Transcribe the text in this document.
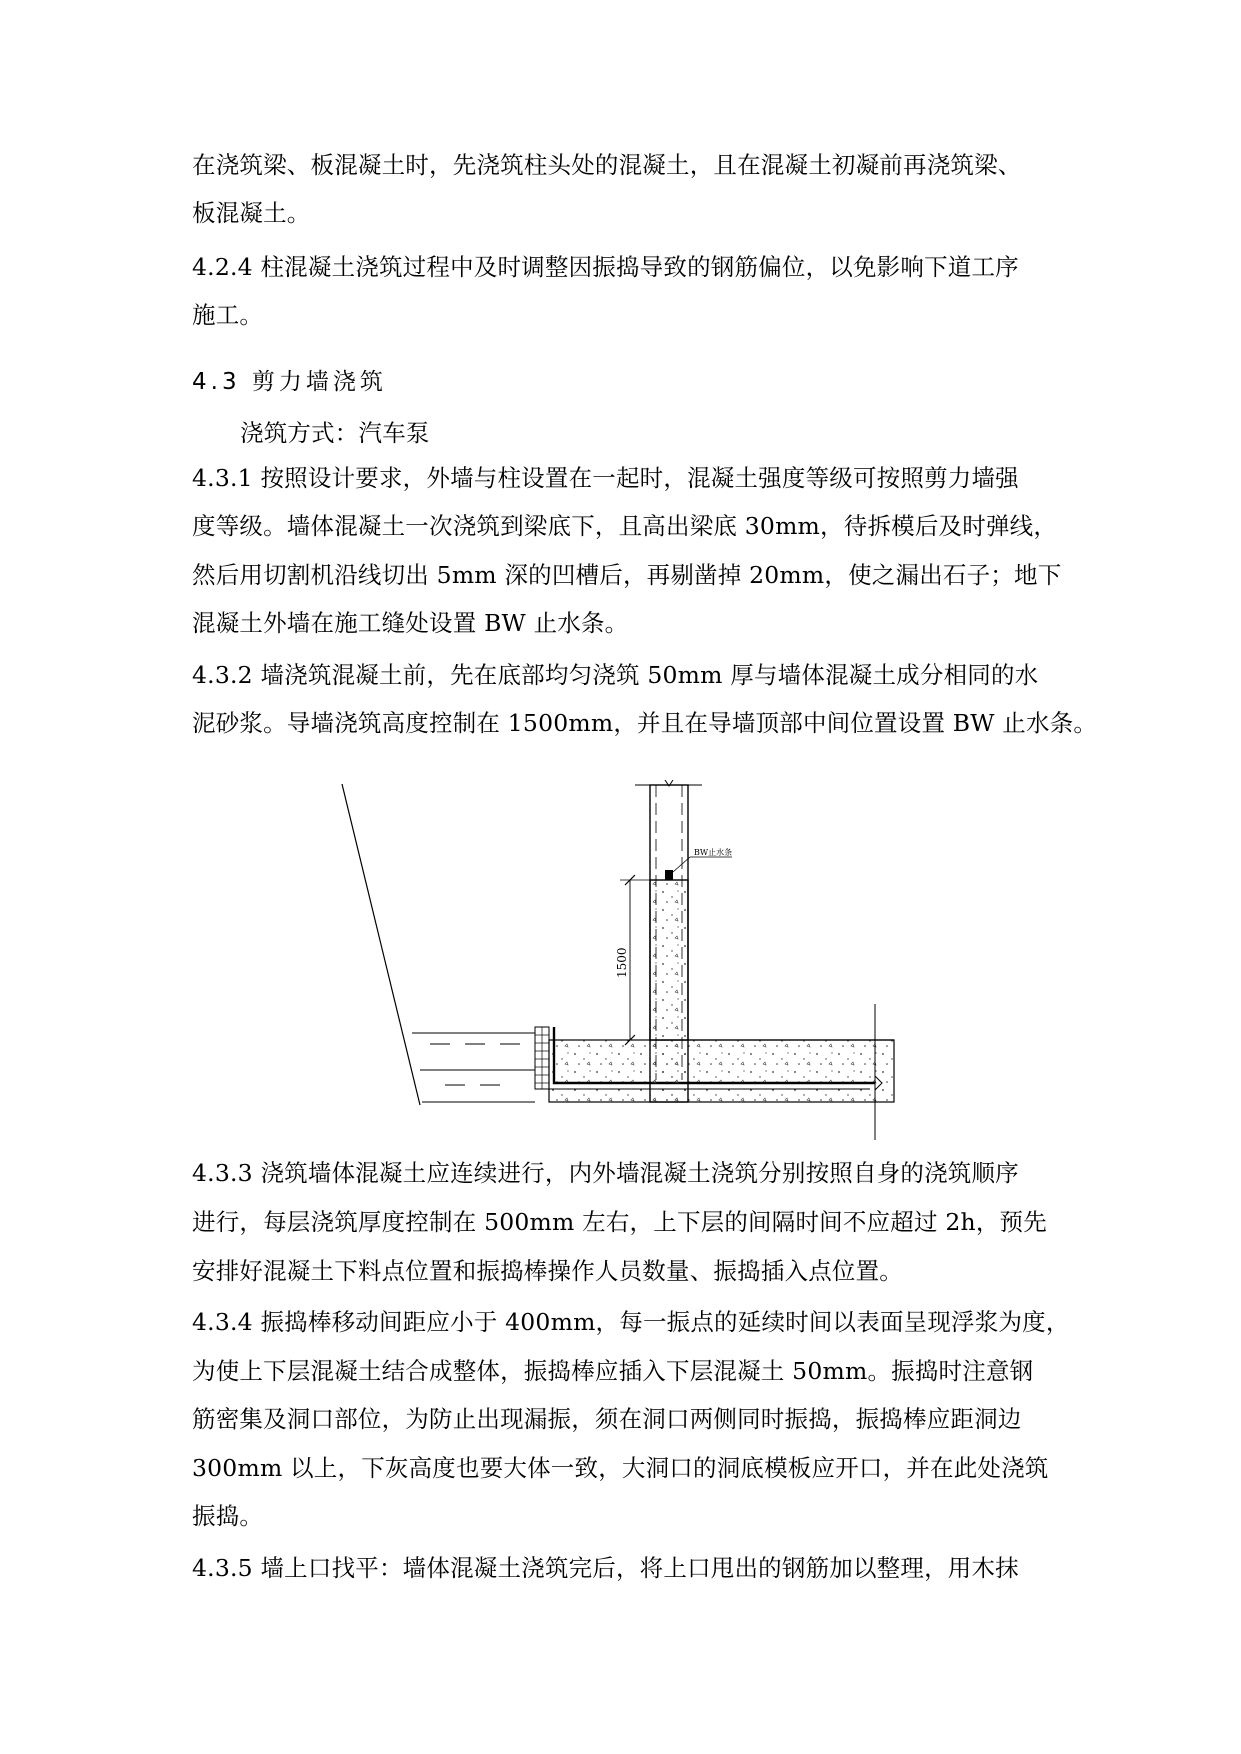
在浇筑梁、板混凝土时，先浇筑柱头处的混凝土，且在混凝土初凝前再浇筑梁、
板混凝土。
4.2.4 柱混凝土浇筑过程中及时调整因振捣导致的钢筋偏位，以免影响下道工序
施工。
4.3 剪力墙浇筑
浇筑方式：汽车泵
4.3.1 按照设计要求，外墙与柱设置在一起时，混凝土强度等级可按照剪力墙强
度等级。墙体混凝土一次浇筑到梁底下，且高出梁底 30mm，待拆模后及时弹线，
然后用切割机沿线切出 5mm 深的凹槽后，再剔凿掉 20mm，使之漏出石子；地下
混凝土外墙在施工缝处设置 BW 止水条。
4.3.2 墙浇筑混凝土前，先在底部均匀浇筑 50mm 厚与墙体混凝土成分相同的水
泥砂浆。导墙浇筑高度控制在 1500mm，并且在导墙顶部中间位置设置 BW 止水条。
BW止水条
1500
4.3.3 浇筑墙体混凝土应连续进行，内外墙混凝土浇筑分别按照自身的浇筑顺序
进行，每层浇筑厚度控制在 500mm 左右，上下层的间隔时间不应超过 2h，预先
安排好混凝土下料点位置和振捣棒操作人员数量、振捣插入点位置。
4.3.4 振捣棒移动间距应小于 400mm，每一振点的延续时间以表面呈现浮浆为度，
为使上下层混凝土结合成整体，振捣棒应插入下层混凝土 50mm。振捣时注意钢
筋密集及洞口部位，为防止出现漏振，须在洞口两侧同时振捣，振捣棒应距洞边
300mm 以上，下灰高度也要大体一致，大洞口的洞底模板应开口，并在此处浇筑
振捣。
4.3.5 墙上口找平：墙体混凝土浇筑完后，将上口甩出的钢筋加以整理，用木抹
